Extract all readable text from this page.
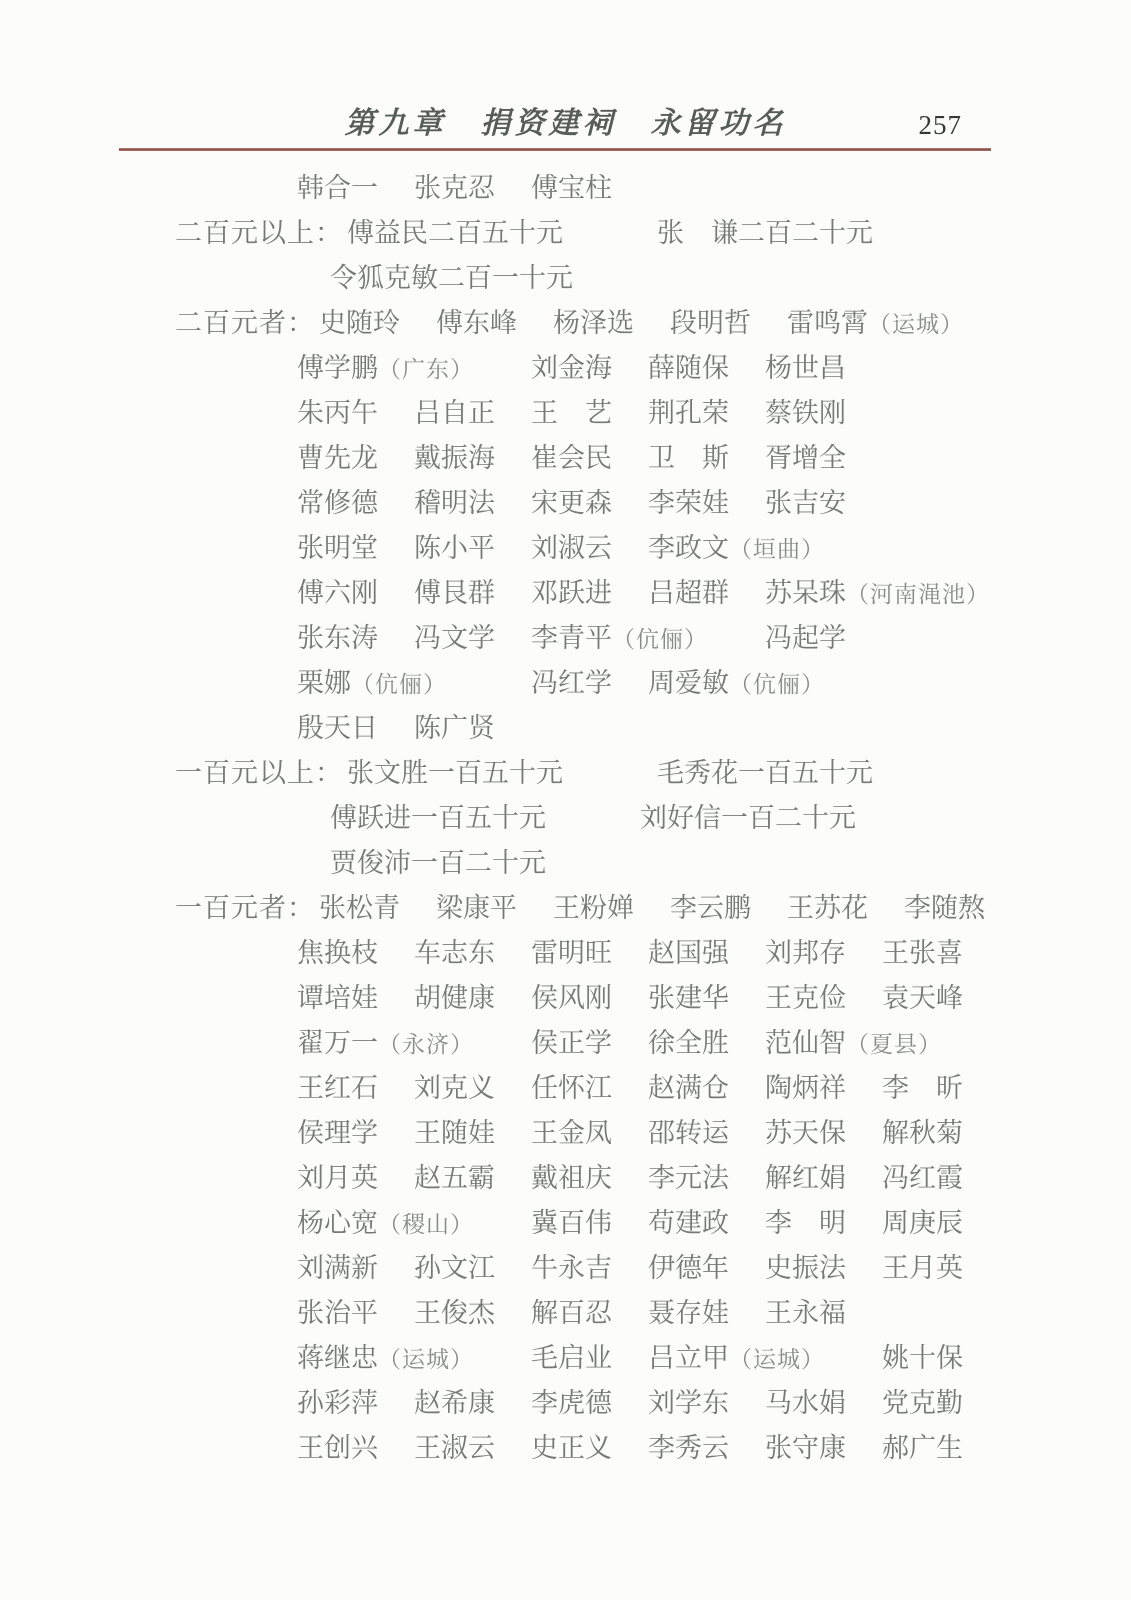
第九章　捐资建祠　永留功名	257
韩合一 张克忍 傅宝柱
二百元以上： 傅益民二百五十元	张　谦二百二十元
令狐克敏二百一十元
二百元者： 史随玲 傅东峰 杨泽选 段明哲 雷鸣霄（运城）
傅学鹏（广东）	刘金海 薛随保 杨世昌
朱丙午 吕自正 王　艺 荆孔荣 蔡铁刚
曹先龙 戴振海 崔会民 卫　斯 胥增全
常修德 稽明法 宋更森 李荣娃 张吉安
张明堂 陈小平 刘淑云 李政文（垣曲）
傅六刚 傅艮群 邓跃进 吕超群 苏呆珠（河南渑池）
张东涛 冯文学 李青平（伉俪）	冯起学
栗娜（伉俪）	冯红学 周爱敏（伉俪）
殷天日 陈广贤
一百元以上： 张文胜一百五十元	毛秀花一百五十元
傅跃进一百五十元	刘好信一百二十元
贾俊沛一百二十元
一百元者： 张松青 梁康平 王粉婵 李云鹏 王苏花 李随熬
焦换枝 车志东 雷明旺 赵国强 刘邦存 王张喜
谭培娃 胡健康 侯风刚 张建华 王克俭 袁天峰
翟万一（永济）	侯正学 徐全胜 范仙智（夏县）
王红石 刘克义 任怀江 赵满仓 陶炳祥 李　昕
侯理学 王随娃 王金凤 邵转运 苏天保 解秋菊
刘月英 赵五霸 戴祖庆 李元法 解红娟 冯红霞
杨心宽（稷山）	冀百伟 苟建政 李　明 周庚辰
刘满新 孙文江 牛永吉 伊德年 史振法 王月英
张治平 王俊杰 解百忍 聂存娃 王永福
蒋继忠（运城）	毛启业 吕立甲（运城）	姚十保
孙彩萍 赵希康 李虎德 刘学东 马水娟 党克勤
王创兴 王淑云 史正义 李秀云 张守康 郝广生
